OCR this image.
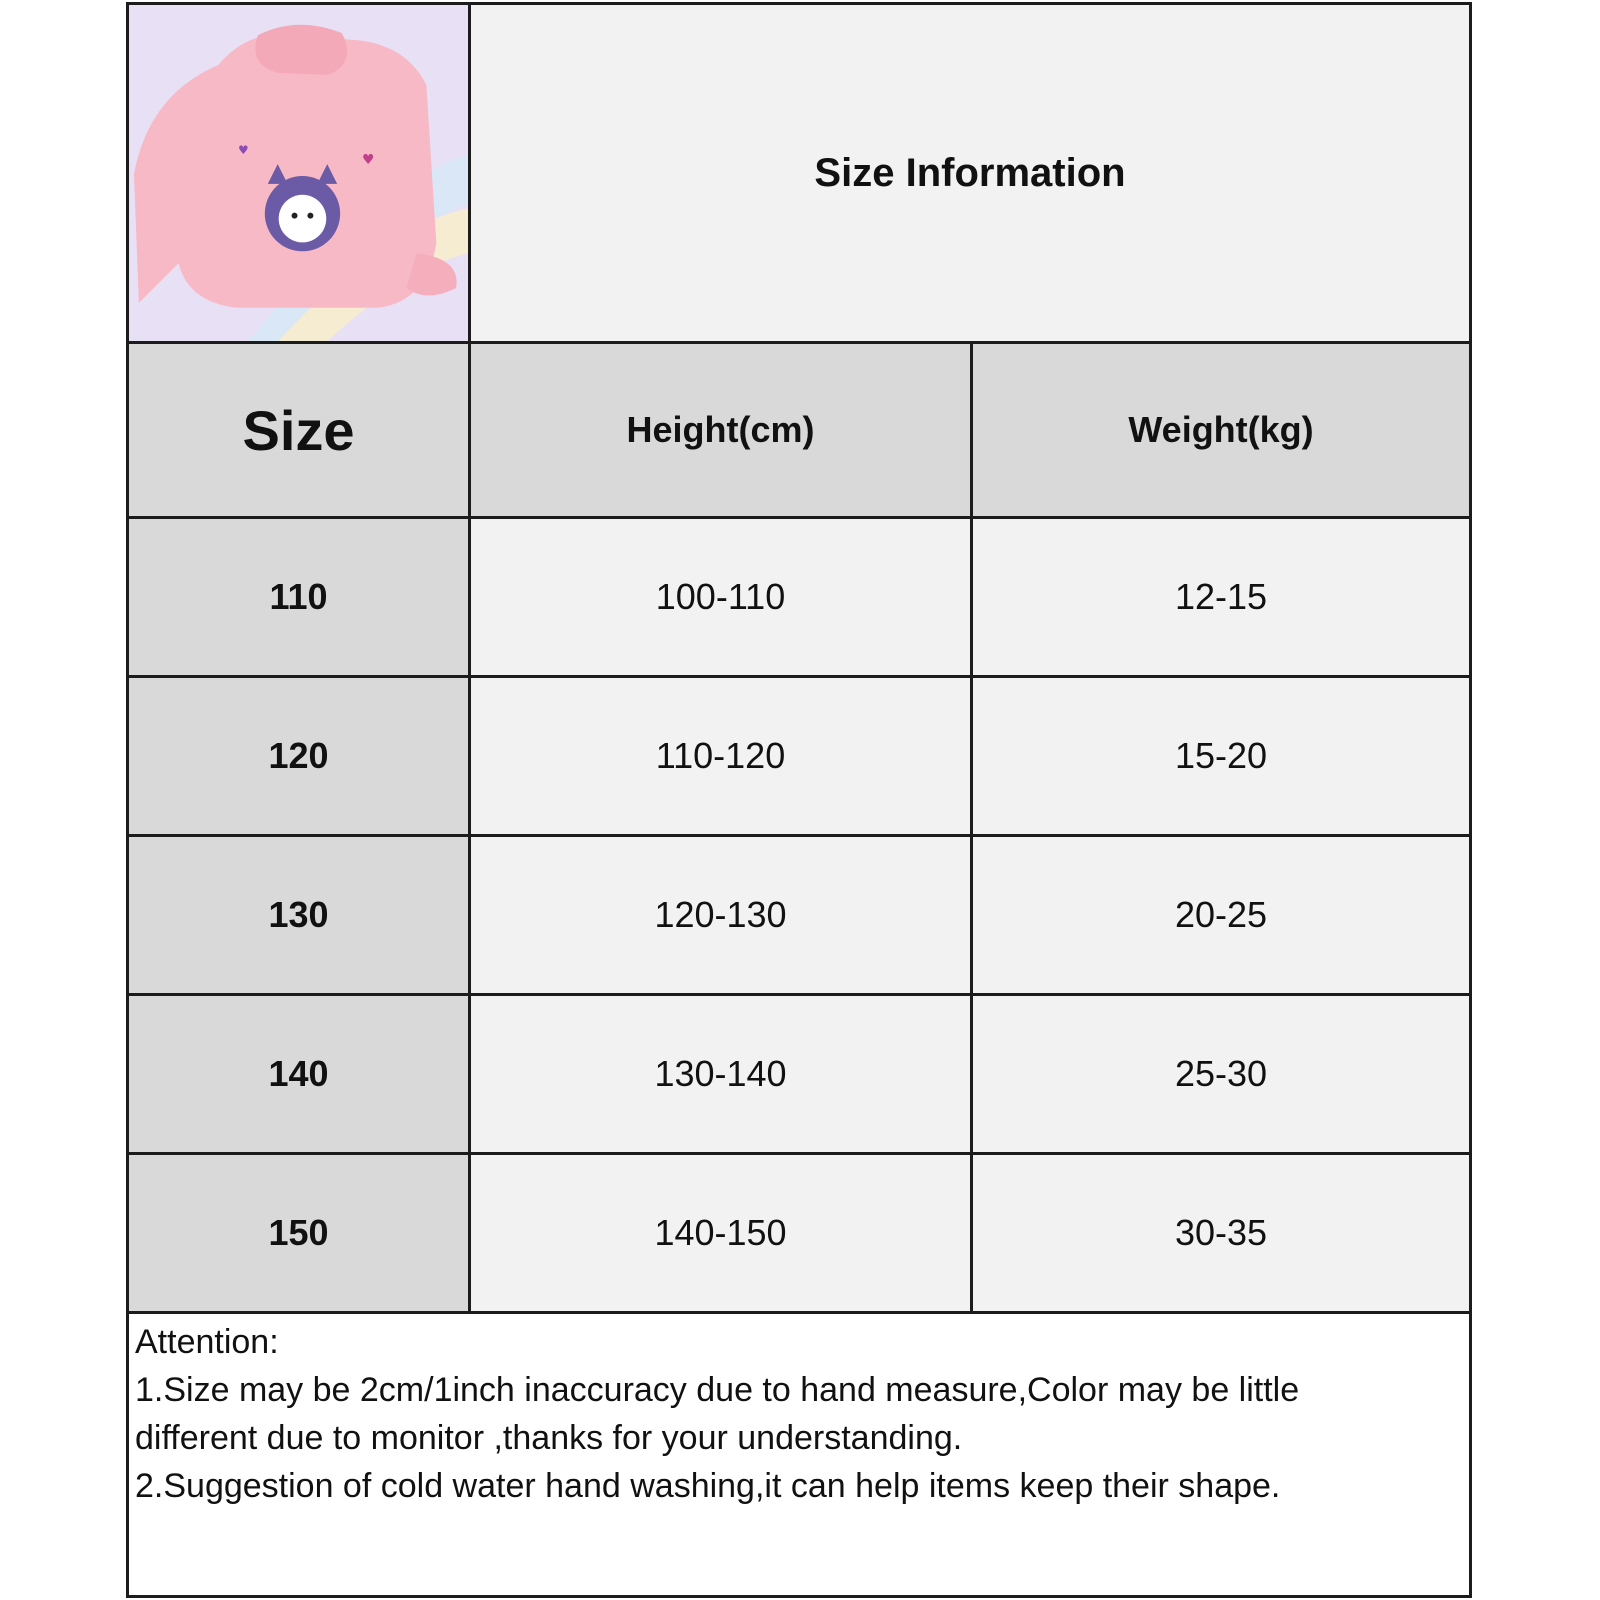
♥
♥	Size Information
Size	Height(cm)	Weight(kg)
110	100-110	12-15
120	110-120	15-20
130	120-130	20-25
140	130-140	25-30
150	140-150	30-35
Attention:
1.Size may be 2cm/1inch inaccuracy due to hand measure,Color may be little
different due to monitor ,thanks for your understanding.
2.Suggestion of cold water hand washing,it can help items keep their shape.
